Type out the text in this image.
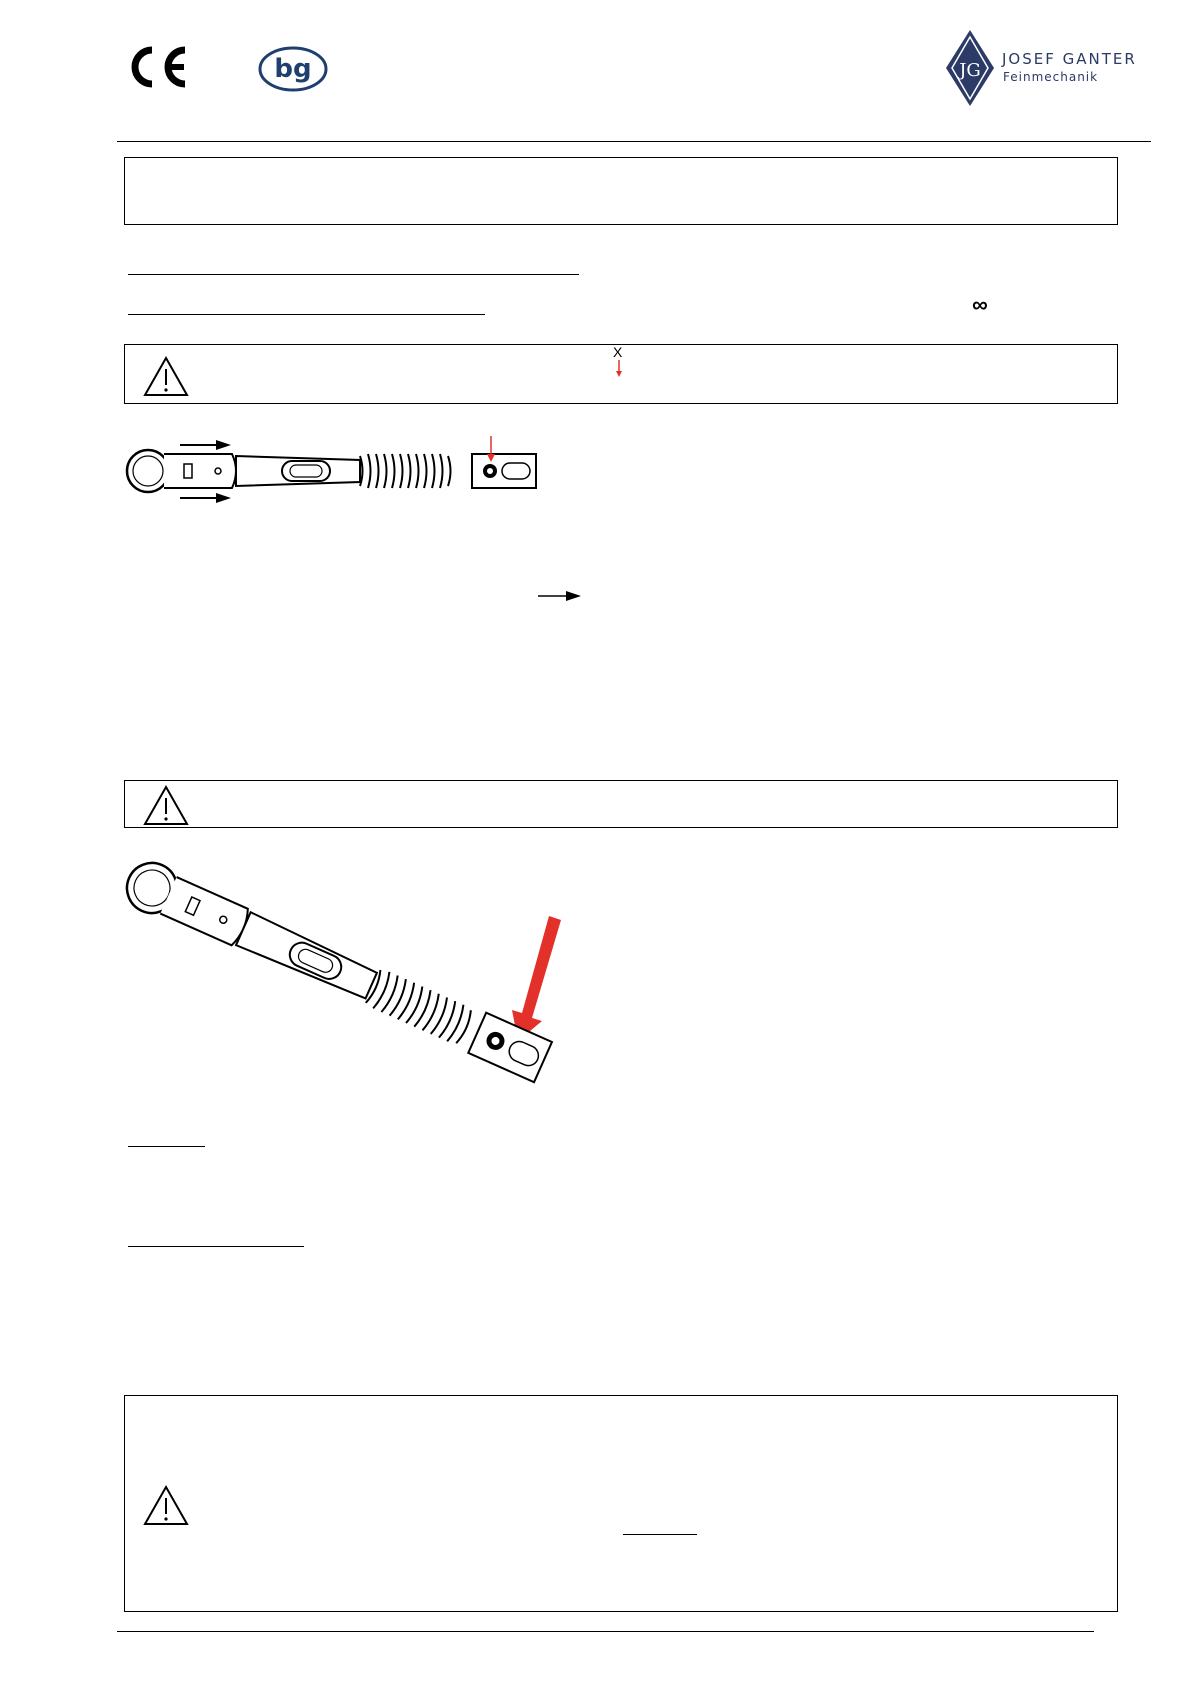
bg	JG
JOSEF GANTER
Feinmechanik
∞
X
